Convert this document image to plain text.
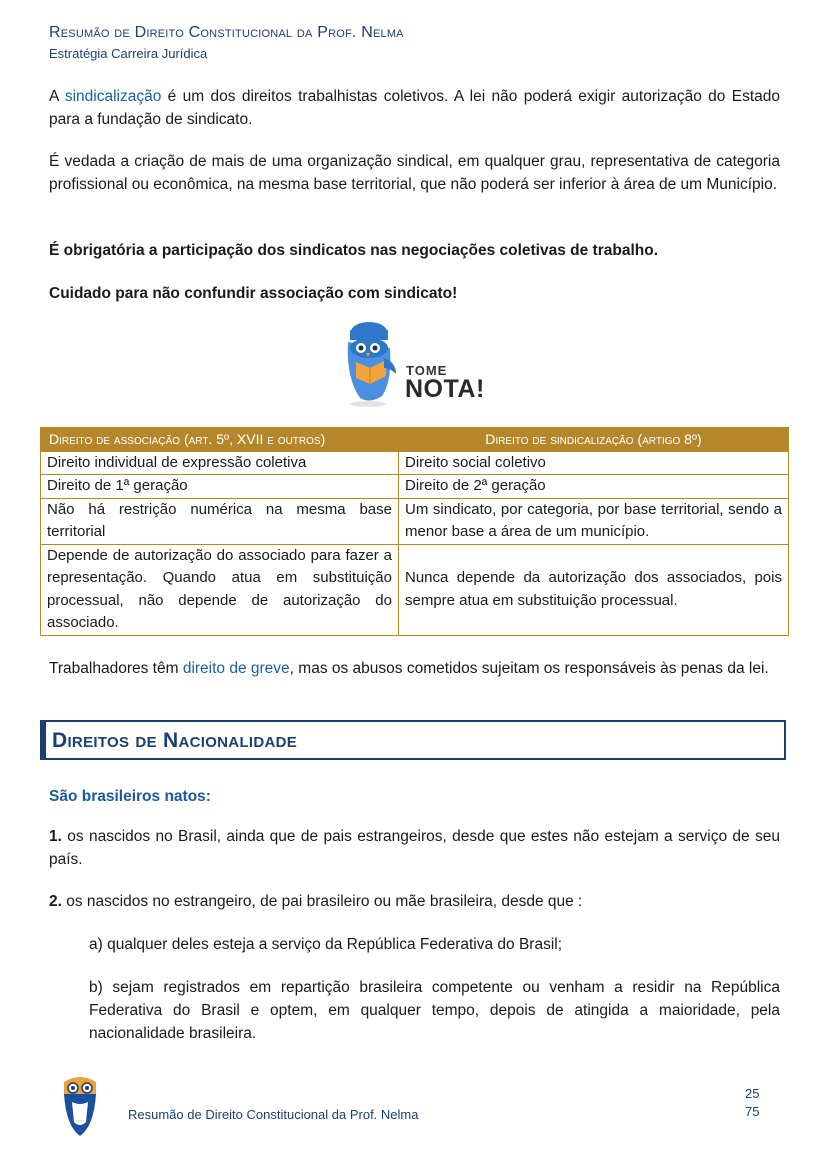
Resumão de Direito Constitucional da Prof. Nelma
Estratégia Carreira Jurídica

A sindicalização é um dos direitos trabalhistas coletivos. A lei não poderá exigir autorização do Estado para a fundação de sindicato.

É vedada a criação de mais de uma organização sindical, em qualquer grau, representativa de categoria profissional ou econômica, na mesma base territorial, que não poderá ser inferior à área de um Município.

É obrigatória a participação dos sindicatos nas negociações coletivas de trabalho.

Cuidado para não confundir associação com sindicato!

TOME
NOTA!
Direito de associação (art. 5º, XVII e outros)	Direito de sindicalização (artigo 8º)
Direito individual de expressão coletiva	Direito social coletivo
Direito de 1ª geração	Direito de 2ª geração
Não há restrição numérica na mesma base territorial	Um sindicato, por categoria, por base territorial, sendo a menor base a área de um município.
Depende de autorização do associado para fazer a representação. Quando atua em substituição processual, não depende de autorização do associado.	Nunca depende da autorização dos associados, pois sempre atua em substituição processual.

Trabalhadores têm direito de greve, mas os abusos cometidos sujeitam os responsáveis às penas da lei.

Direitos de Nacionalidade

São brasileiros natos:

1. os nascidos no Brasil, ainda que de pais estrangeiros, desde que estes não estejam a serviço de seu país.

2. os nascidos no estrangeiro, de pai brasileiro ou mãe brasileira, desde que :

a) qualquer deles esteja a serviço da República Federativa do Brasil;

b) sejam registrados em repartição brasileira competente ou venham a residir na República Federativa do Brasil e optem, em qualquer tempo, depois de atingida a maioridade, pela nacionalidade brasileira.

Resumão de Direito Constitucional da Prof. Nelma
25
75
